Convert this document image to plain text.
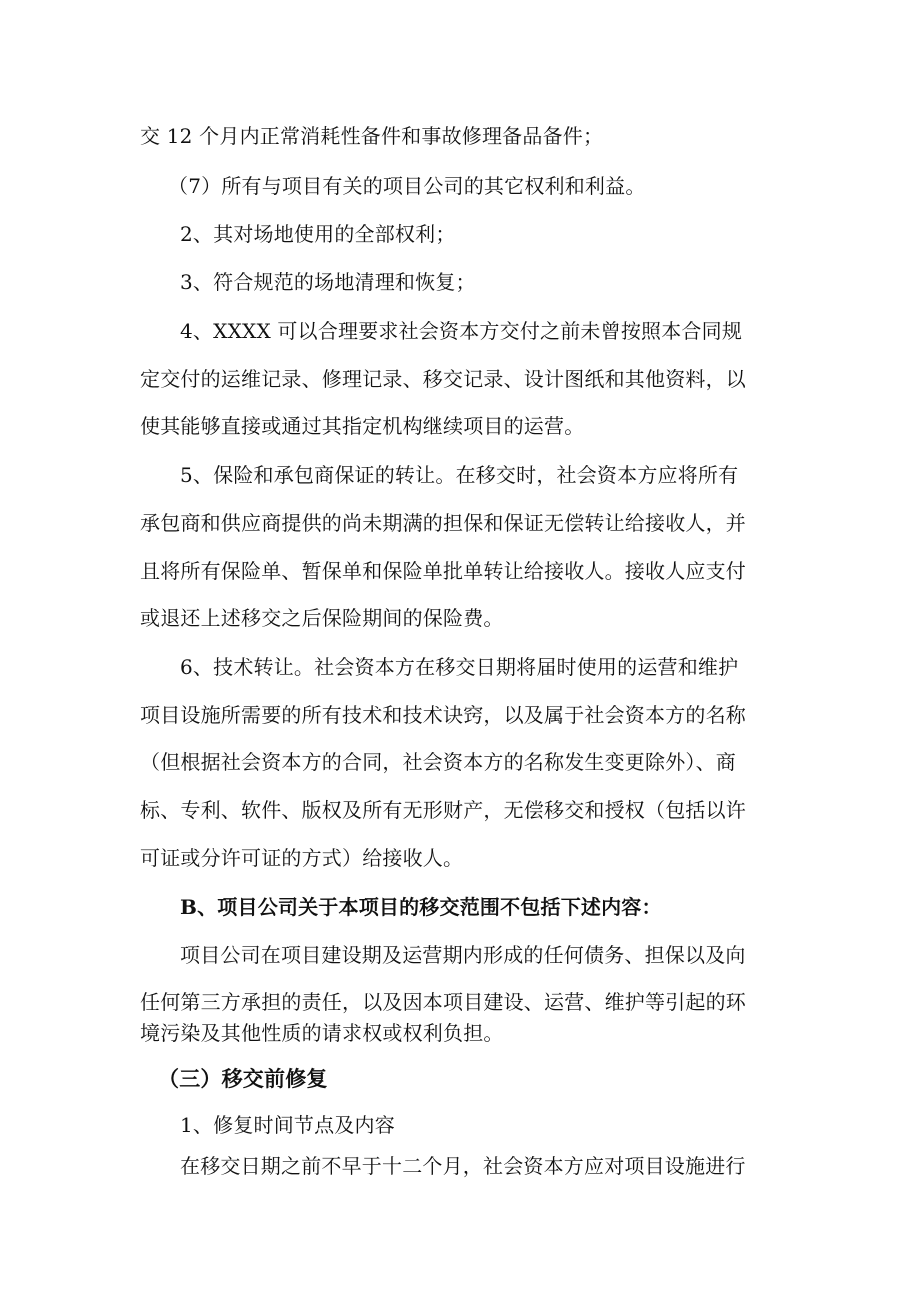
交 12 个月内正常消耗性备件和事故修理备品备件；
（7）所有与项目有关的项目公司的其它权利和利益。
2、其对场地使用的全部权利；
3、符合规范的场地清理和恢复；
4、XXXX 可以合理要求社会资本方交付之前未曾按照本合同规
定交付的运维记录、修理记录、移交记录、设计图纸和其他资料，以
使其能够直接或通过其指定机构继续项目的运营。
5、保险和承包商保证的转让。在移交时，社会资本方应将所有
承包商和供应商提供的尚未期满的担保和保证无偿转让给接收人，并
且将所有保险单、暂保单和保险单批单转让给接收人。接收人应支付
或退还上述移交之后保险期间的保险费。
6、技术转让。社会资本方在移交日期将届时使用的运营和维护
项目设施所需要的所有技术和技术诀窍，以及属于社会资本方的名称
（但根据社会资本方的合同，社会资本方的名称发生变更除外）、商
标、专利、软件、版权及所有无形财产，无偿移交和授权（包括以许
可证或分许可证的方式）给接收人。
B、项目公司关于本项目的移交范围不包括下述内容：
项目公司在项目建设期及运营期内形成的任何债务、担保以及向
任何第三方承担的责任，以及因本项目建设、运营、维护等引起的环
境污染及其他性质的请求权或权利负担。
（三）移交前修复
1、修复时间节点及内容
在移交日期之前不早于十二个月，社会资本方应对项目设施进行
